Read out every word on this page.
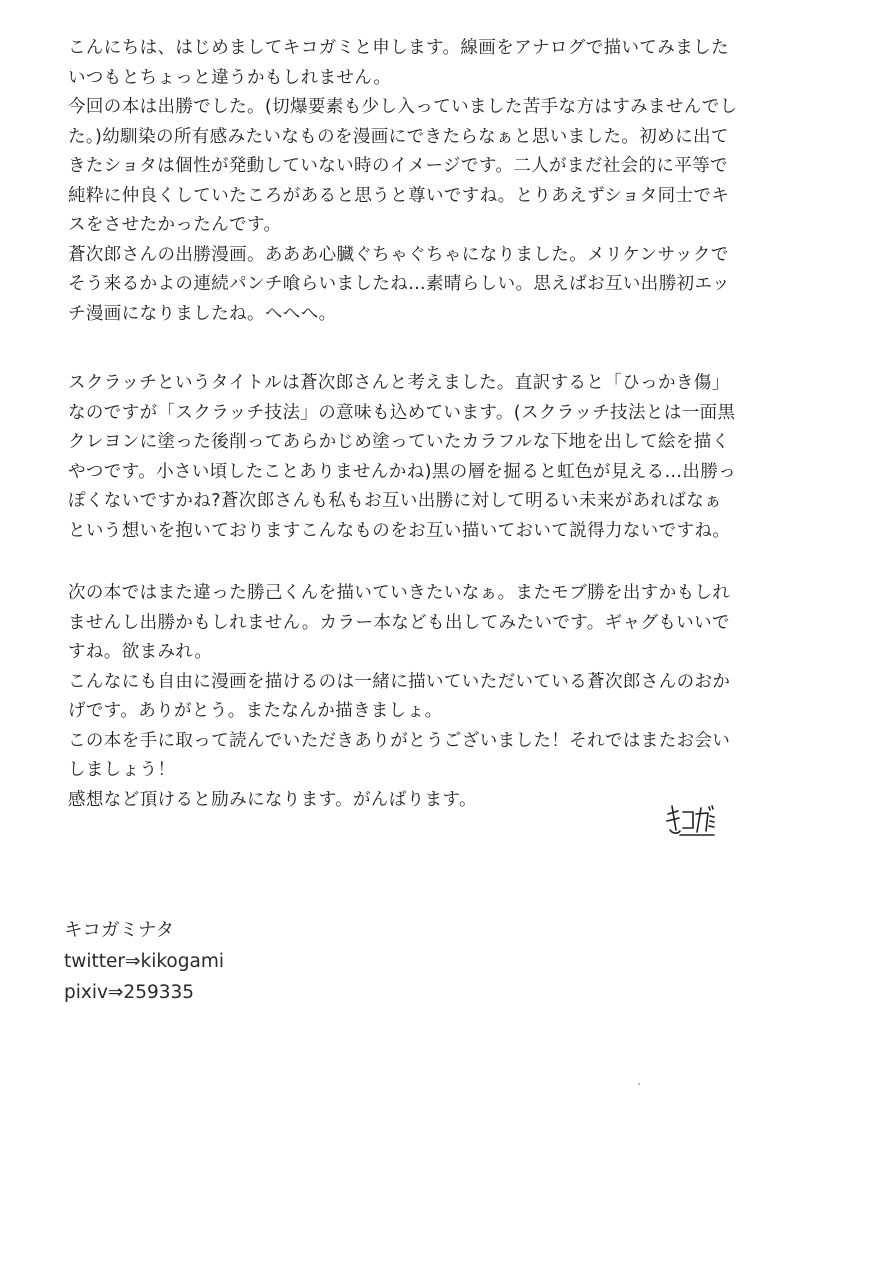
こんにちは、はじめましてキコガミと申します。線画をアナログで描いてみました
いつもとちょっと違うかもしれません。
今回の本は出勝でした。(切爆要素も少し入っていました苦手な方はすみませんでし
た。)幼馴染の所有感みたいなものを漫画にできたらなぁと思いました。初めに出て
きたショタは個性が発動していない時のイメージです。二人がまだ社会的に平等で
純粋に仲良くしていたころがあると思うと尊いですね。とりあえずショタ同士でキ
スをさせたかったんです。
蒼次郎さんの出勝漫画。あああ心臓ぐちゃぐちゃになりました。メリケンサックで
そう来るかよの連続パンチ喰らいましたね…素晴らしい。思えばお互い出勝初エッ
チ漫画になりましたね。へへへ。
スクラッチというタイトルは蒼次郎さんと考えました。直訳すると「ひっかき傷」
なのですが「スクラッチ技法」の意味も込めています。(スクラッチ技法とは一面黒
クレヨンに塗った後削ってあらかじめ塗っていたカラフルな下地を出して絵を描く
やつです。小さい頃したことありませんかね)黒の層を掘ると虹色が見える…出勝っ
ぽくないですかね?蒼次郎さんも私もお互い出勝に対して明るい未来があればなぁ
という想いを抱いておりますこんなものをお互い描いておいて説得力ないですね。
次の本ではまた違った勝己くんを描いていきたいなぁ。またモブ勝を出すかもしれ
ませんし出勝かもしれません。カラー本なども出してみたいです。ギャグもいいで
すね。欲まみれ。
こんなにも自由に漫画を描けるのは一緒に描いていただいている蒼次郎さんのおか
げです。ありがとう。またなんか描きましょ。
この本を手に取って読んでいただきありがとうございました！それではまたお会い
しましょう！
感想など頂けると励みになります。がんばります。
キコガミナタ
twitter⇒kikogami
pixiv⇒259335
